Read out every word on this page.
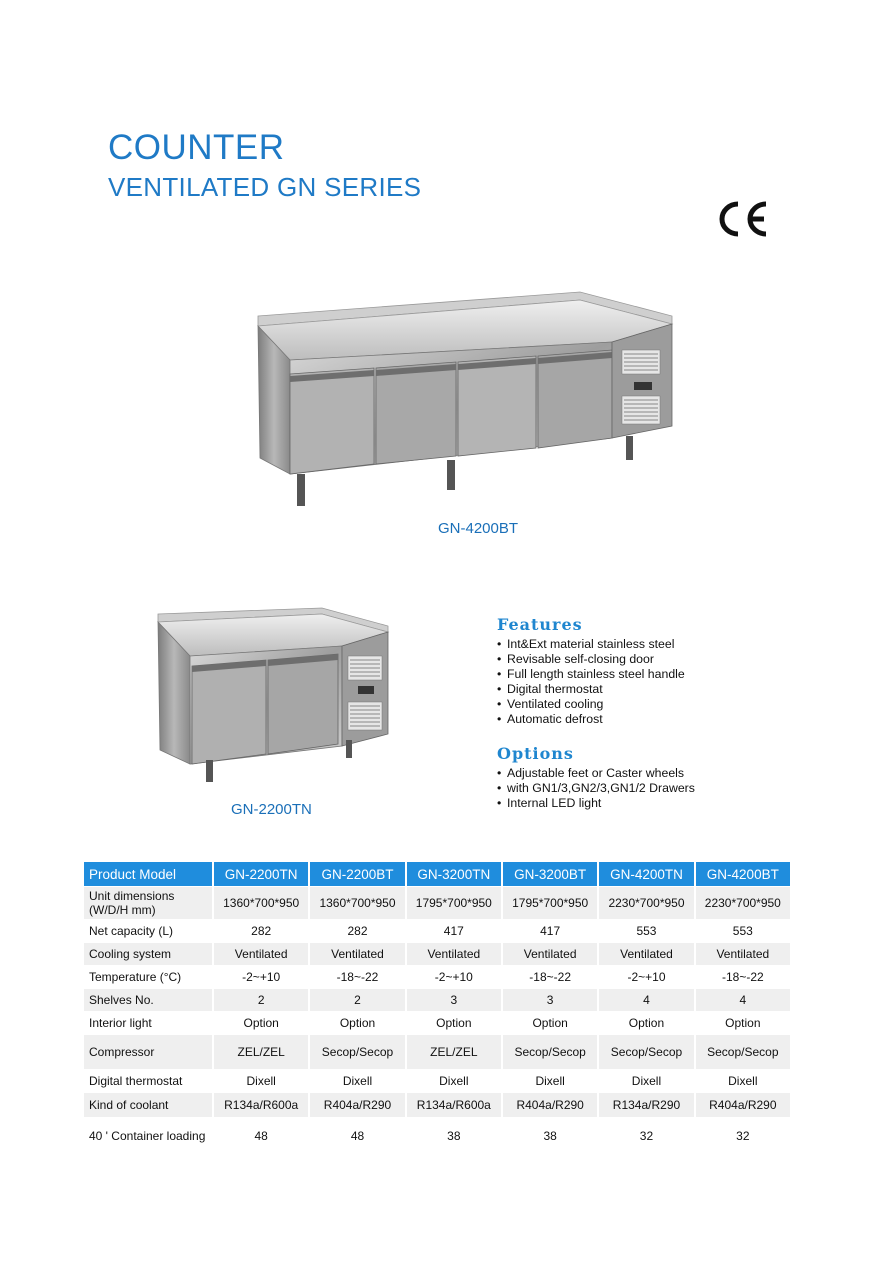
COUNTER
VENTILATED GN SERIES
GN-4200BT
GN-2200TN
Features
• Int&Ext material stainless steel
• Revisable self-closing door
• Full length stainless steel handle
• Digital thermostat
• Ventilated cooling
• Automatic defrost
Options
• Adjustable feet or Caster wheels
• with GN1/3,GN2/3,GN1/2 Drawers
• Internal LED light
Product Model	GN-2200TN	GN-2200BT	GN-3200TN	GN-3200BT	GN-4200TN	GN-4200BT
Unit dimensions (W/D/H mm)	1360*700*950	1360*700*950	1795*700*950	1795*700*950	2230*700*950	2230*700*950
Net capacity (L)	282	282	417	417	553	553
Cooling system	Ventilated	Ventilated	Ventilated	Ventilated	Ventilated	Ventilated
Temperature (°C)	-2~+10	-18~-22	-2~+10	-18~-22	-2~+10	-18~-22
Shelves No.	2	2	3	3	4	4
Interior light	Option	Option	Option	Option	Option	Option
Compressor	ZEL/ZEL	Secop/Secop	ZEL/ZEL	Secop/Secop	Secop/Secop	Secop/Secop
Digital thermostat	Dixell	Dixell	Dixell	Dixell	Dixell	Dixell
Kind of coolant	R134a/R600a	R404a/R290	R134a/R600a	R404a/R290	R134a/R290	R404a/R290
40 ' Container loading	48	48	38	38	32	32
